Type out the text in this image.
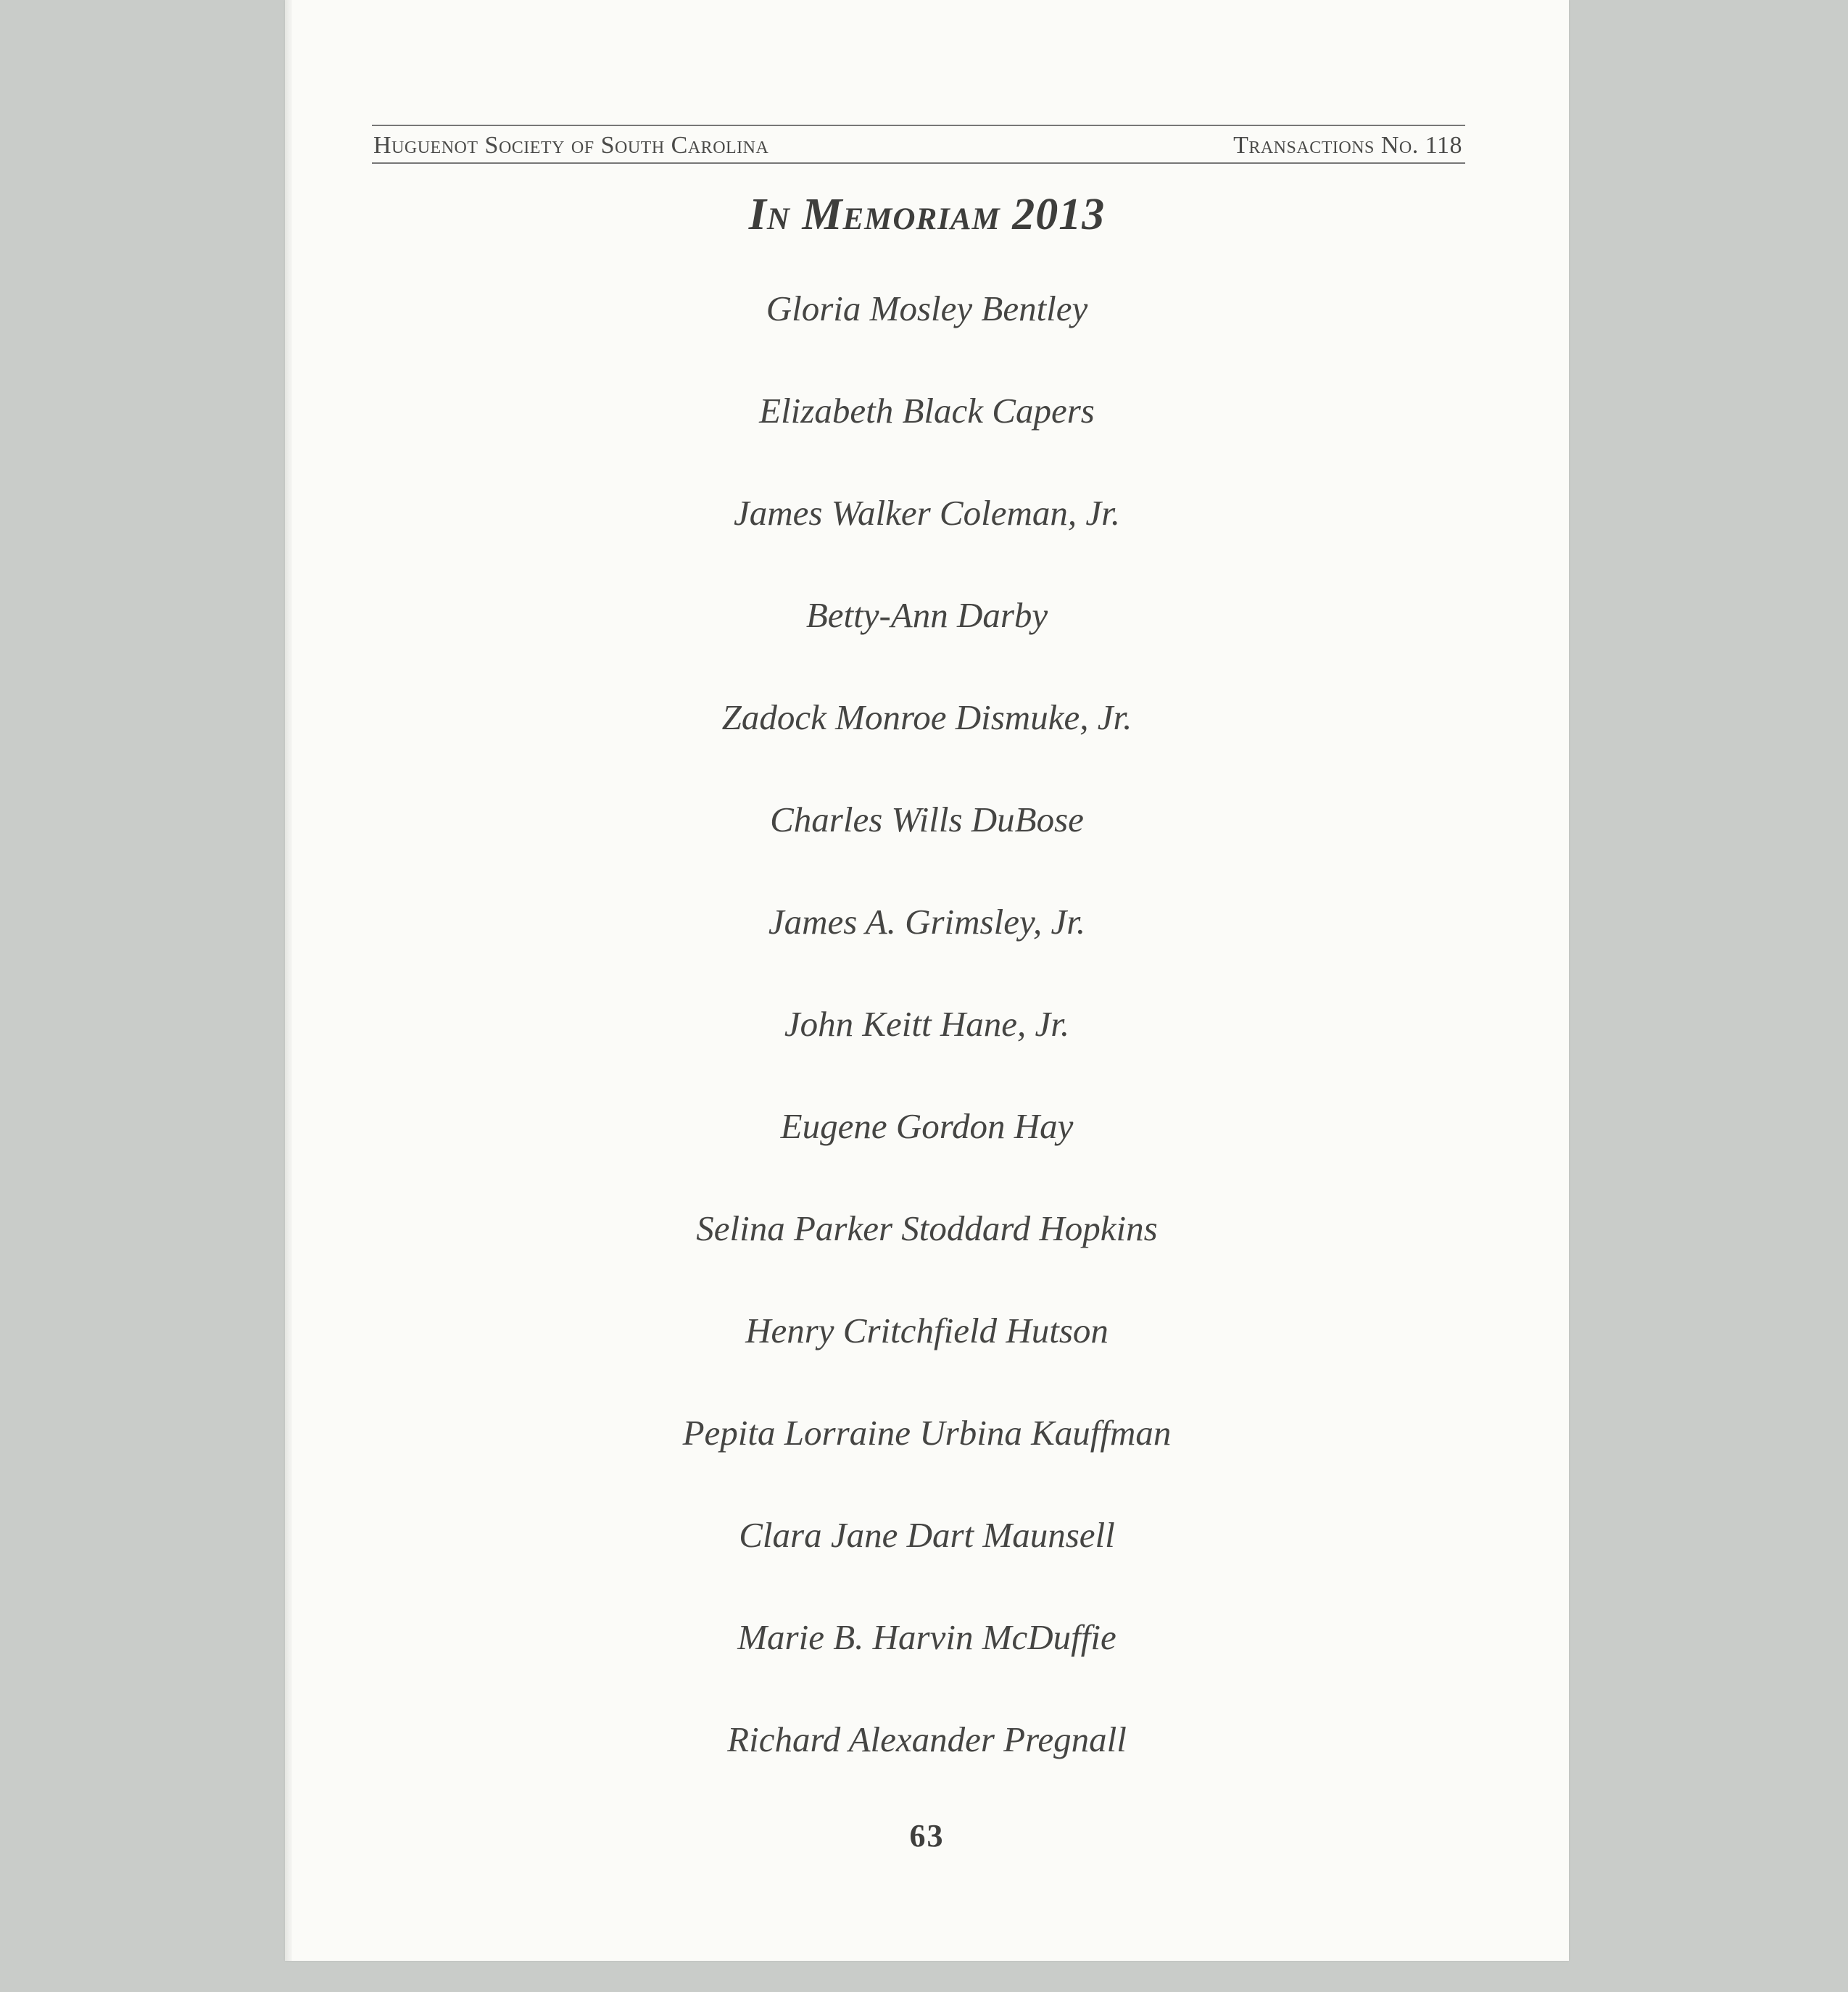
Huguenot Society of South Carolina	Transactions No. 118
In Memoriam 2013
Gloria Mosley Bentley
Elizabeth Black Capers
James Walker Coleman, Jr.
Betty-Ann Darby
Zadock Monroe Dismuke, Jr.
Charles Wills DuBose
James A. Grimsley, Jr.
John Keitt Hane, Jr.
Eugene Gordon Hay
Selina Parker Stoddard Hopkins
Henry Critchfield Hutson
Pepita Lorraine Urbina Kauffman
Clara Jane Dart Maunsell
Marie B. Harvin McDuffie
Richard Alexander Pregnall
63
